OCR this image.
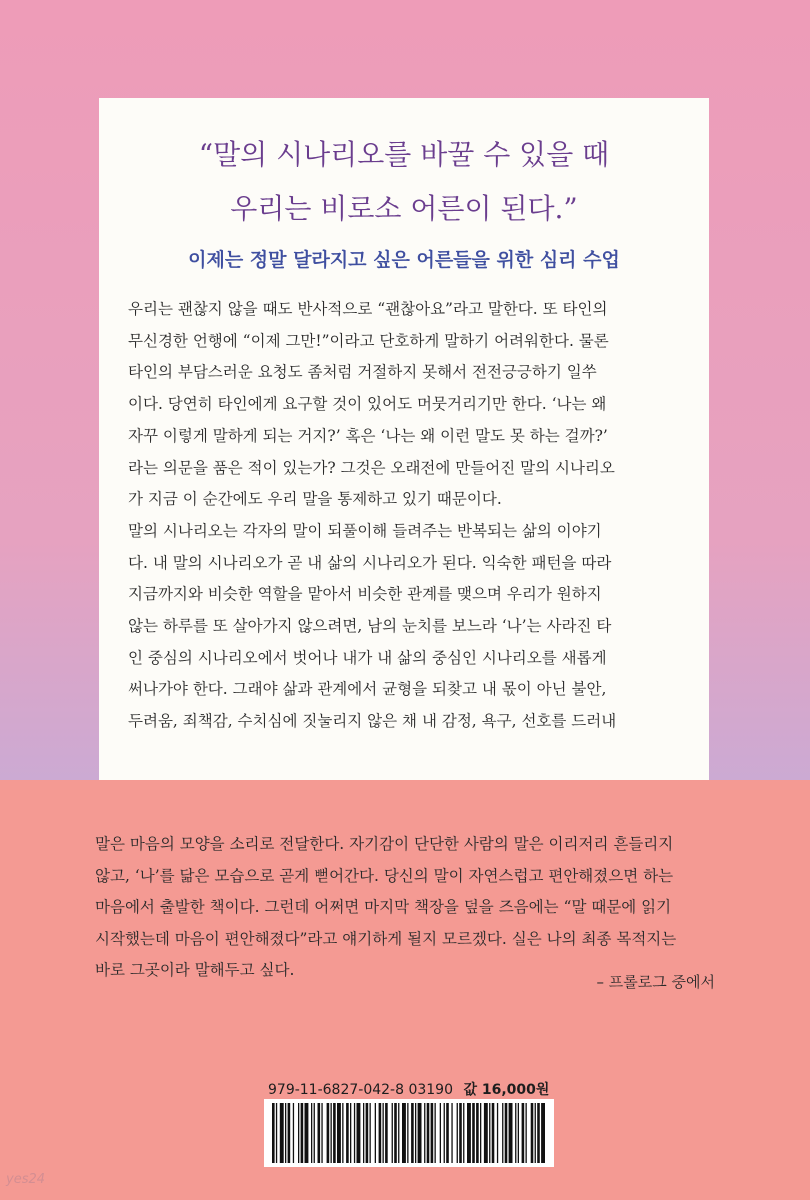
“말의 시나리오를 바꿀 수 있을 때
우리는 비로소 어른이 된다.”

이제는 정말 달라지고 싶은 어른들을 위한 심리 수업

우리는 괜찮지 않을 때도 반사적으로 “괜찮아요”라고 말한다. 또 타인의
무신경한 언행에 “이제 그만!”이라고 단호하게 말하기 어려워한다. 물론
타인의 부담스러운 요청도 좀처럼 거절하지 못해서 전전긍긍하기 일쑤
이다. 당연히 타인에게 요구할 것이 있어도 머뭇거리기만 한다. ‘나는 왜
자꾸 이렇게 말하게 되는 거지?’ 혹은 ‘나는 왜 이런 말도 못 하는 걸까?’
라는 의문을 품은 적이 있는가? 그것은 오래전에 만들어진 말의 시나리오
가 지금 이 순간에도 우리 말을 통제하고 있기 때문이다.
말의 시나리오는 각자의 말이 되풀이해 들려주는 반복되는 삶의 이야기
다. 내 말의 시나리오가 곧 내 삶의 시나리오가 된다. 익숙한 패턴을 따라
지금까지와 비슷한 역할을 맡아서 비슷한 관계를 맺으며 우리가 원하지
않는 하루를 또 살아가지 않으려면, 남의 눈치를 보느라 ‘나’는 사라진 타
인 중심의 시나리오에서 벗어나 내가 내 삶의 중심인 시나리오를 새롭게
써나가야 한다. 그래야 삶과 관계에서 균형을 되찾고 내 몫이 아닌 불안,
두려움, 죄책감, 수치심에 짓눌리지 않은 채 내 감정, 욕구, 선호를 드러내
말은 마음의 모양을 소리로 전달한다. 자기감이 단단한 사람의 말은 이리저리 흔들리지
않고, ‘나’를 닮은 모습으로 곧게 뻗어간다. 당신의 말이 자연스럽고 편안해졌으면 하는
마음에서 출발한 책이다. 그런데 어쩌면 마지막 책장을 덮을 즈음에는 “말 때문에 읽기
시작했는데 마음이 편안해졌다”라고 얘기하게 될지 모르겠다. 실은 나의 최종 목적지는
바로 그곳이라 말해두고 싶다.

– 프롤로그 중에서

979-11-6827-042-8 03190 값 16,000원
yes24
